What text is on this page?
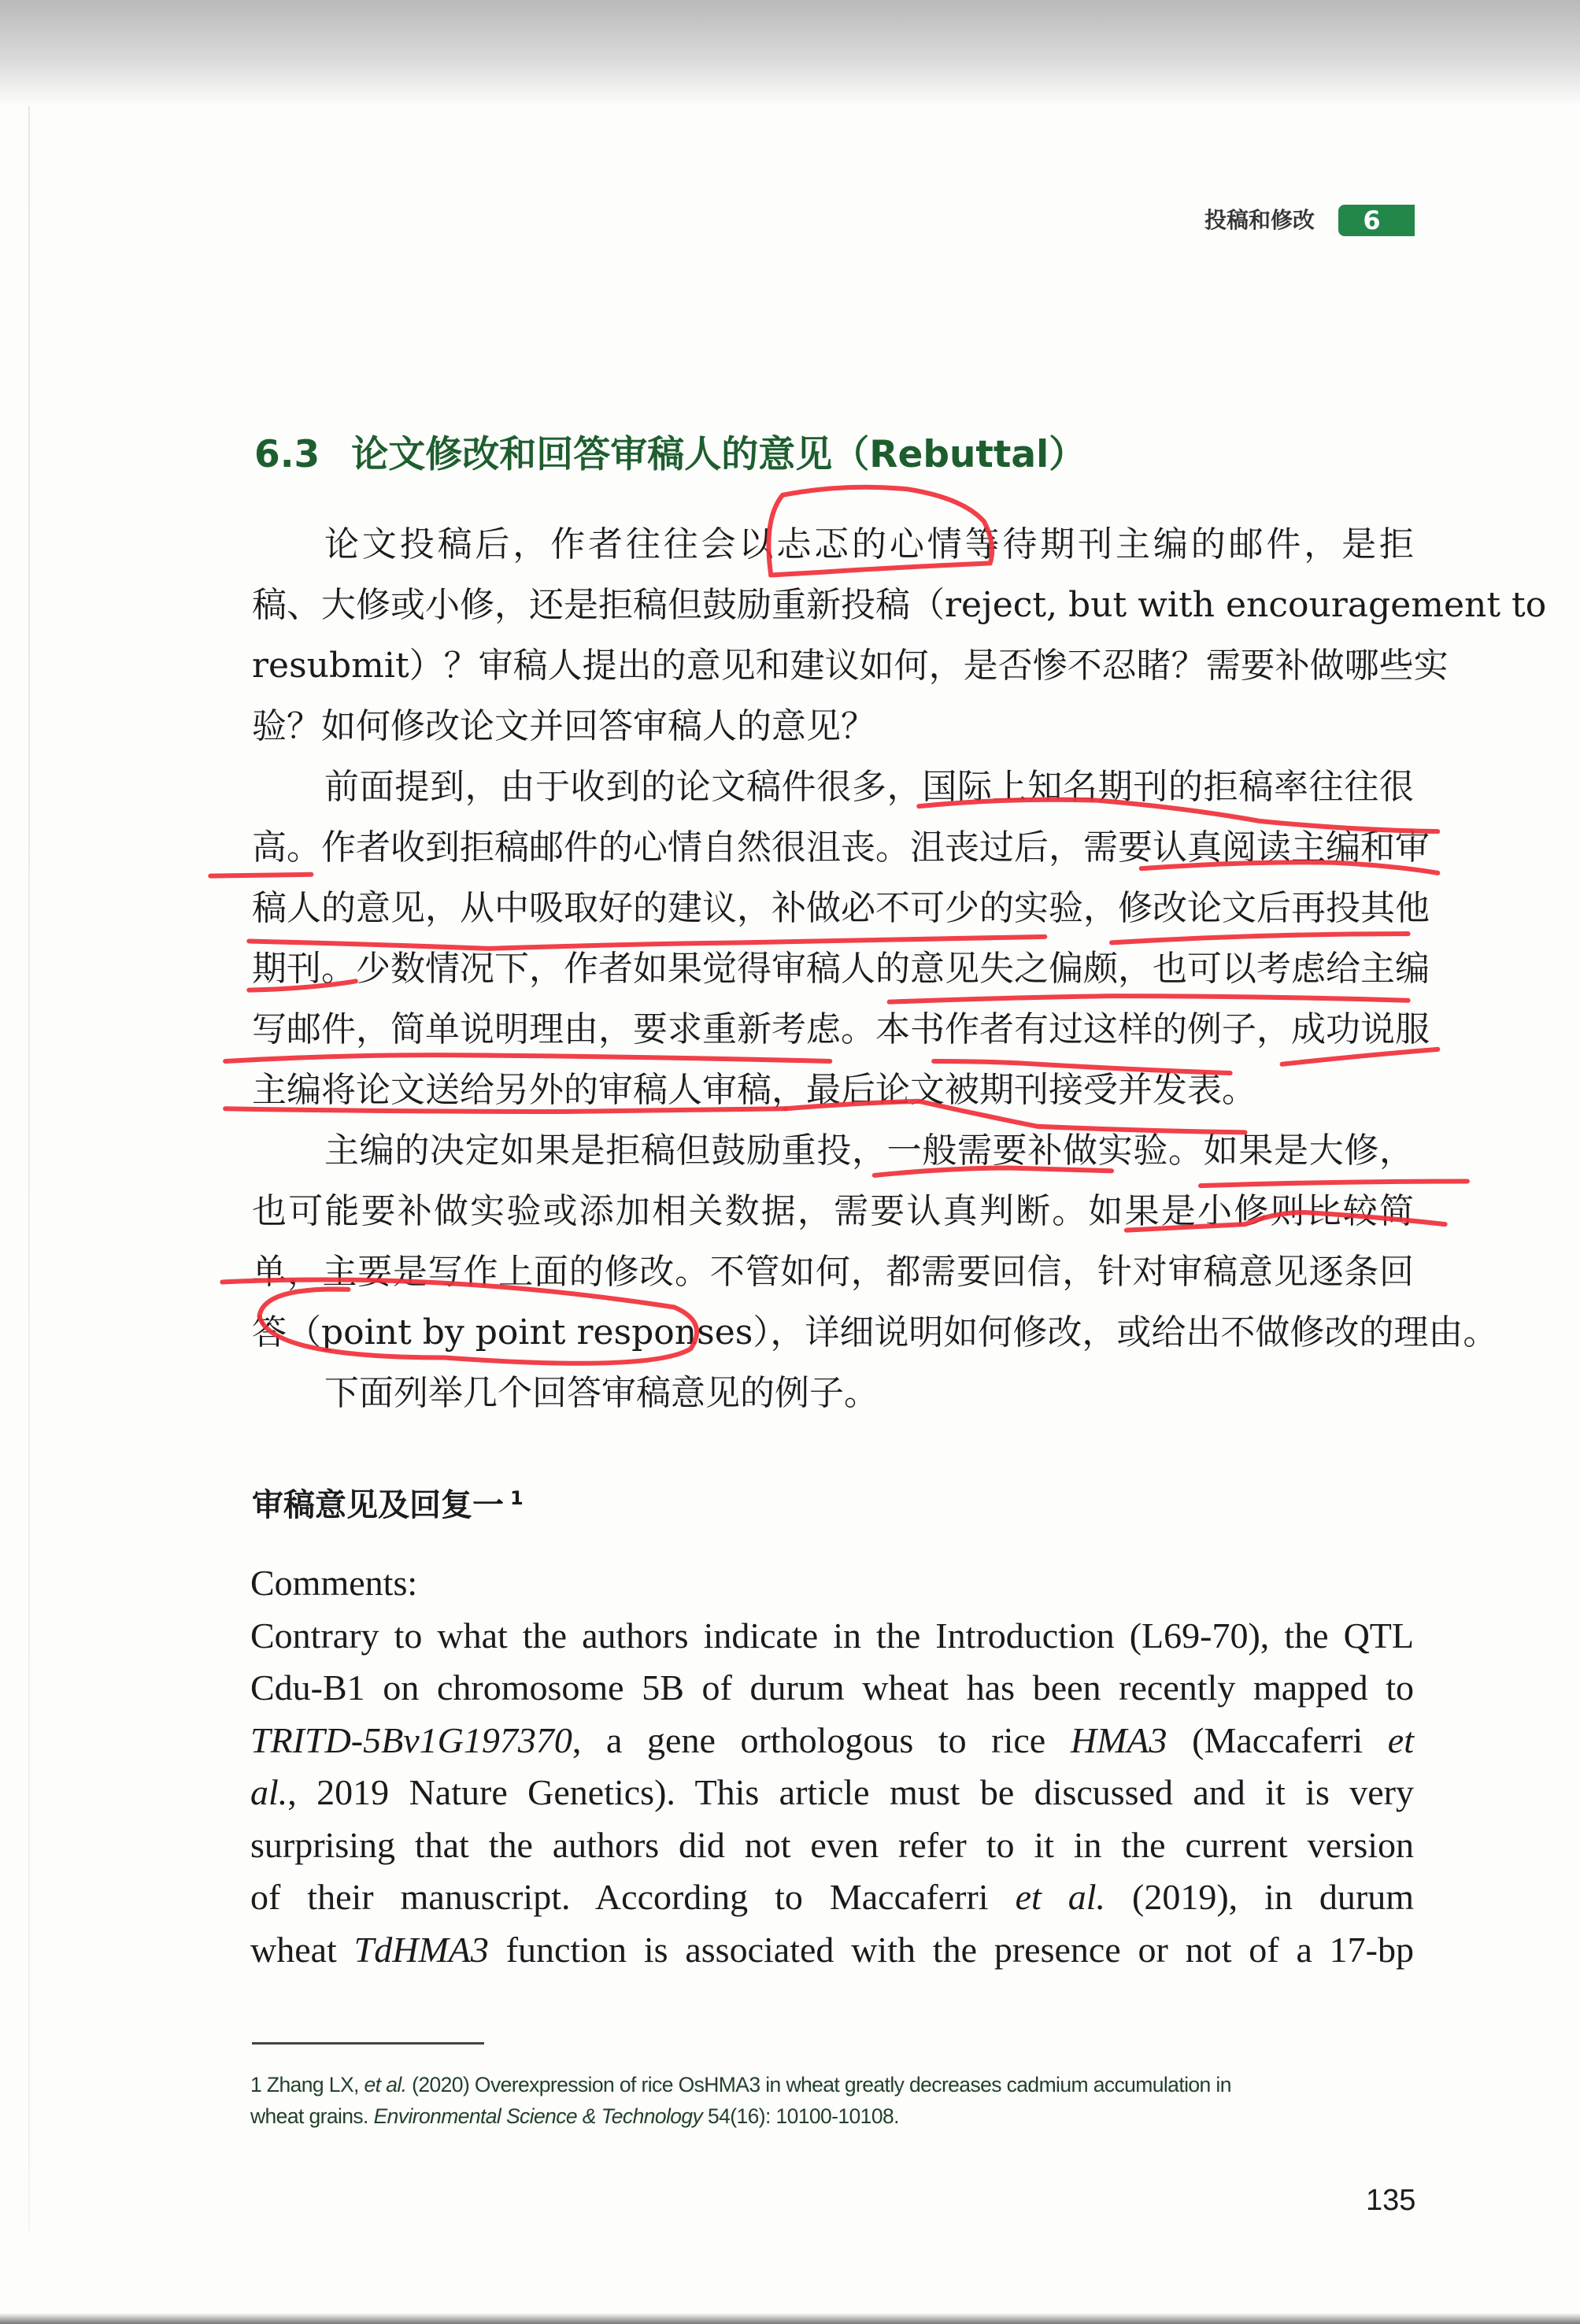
投稿和修改	6
6.3 论文修改和回答审稿人的意见（Rebuttal）
论文投稿后，作者往往会以忐忑的心情等待期刊主编的邮件，是拒
稿、大修或小修，还是拒稿但鼓励重新投稿（reject, but with encouragement to
resubmit）？审稿人提出的意见和建议如何，是否惨不忍睹？需要补做哪些实
验？如何修改论文并回答审稿人的意见？
前面提到，由于收到的论文稿件很多，国际上知名期刊的拒稿率往往很
高。作者收到拒稿邮件的心情自然很沮丧。沮丧过后，需要认真阅读主编和审
稿人的意见，从中吸取好的建议，补做必不可少的实验，修改论文后再投其他
期刊。少数情况下，作者如果觉得审稿人的意见失之偏颇，也可以考虑给主编
写邮件，简单说明理由，要求重新考虑。本书作者有过这样的例子，成功说服
主编将论文送给另外的审稿人审稿，最后论文被期刊接受并发表。
主编的决定如果是拒稿但鼓励重投，一般需要补做实验。如果是大修，
也可能要补做实验或添加相关数据，需要认真判断。如果是小修则比较简
单，主要是写作上面的修改。不管如何，都需要回信，针对审稿意见逐条回
答（point by point responses），详细说明如何修改，或给出不做修改的理由。
下面列举几个回答审稿意见的例子。
审稿意见及回复一 $^1$
Comments:
Contrary to what the authors indicate in the Introduction (L69-70), the QTL
Cdu-B1 on chromosome 5B of durum wheat has been recently mapped to
TRITD-5Bv1G197370, a gene orthologous to rice HMA3 (Maccaferri et
al., 2019 Nature Genetics). This article must be discussed and it is very
surprising that the authors did not even refer to it in the current version
of their manuscript. According to Maccaferri et al. (2019), in durum
wheat TdHMA3 function is associated with the presence or not of a 17-bp
1 Zhang LX, et al. (2020) Overexpression of rice OsHMA3 in wheat greatly decreases cadmium accumulation in
wheat grains. Environmental Science & Technology 54(16): 10100-10108.
135
